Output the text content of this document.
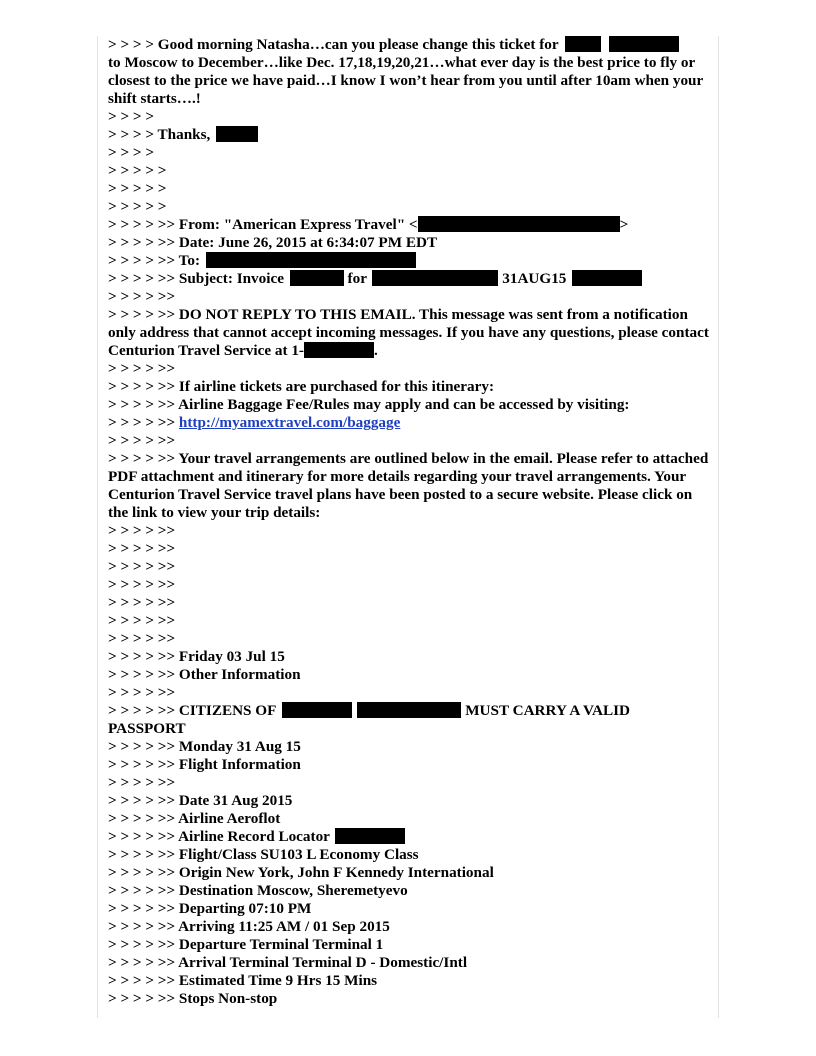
> > > > Good morning Natasha…can you please change this ticket for
to Moscow to December…like Dec. 17,18,19,20,21…what ever day is the best price to fly or closest to the price we have paid…I know I won’t hear from you until after 10am when your shift starts….!
> > > >
> > > > Thanks,
> > > >
> > > > >
> > > > >
> > > > >
> > > > >> From: "American Express Travel" <	>
> > > > >> Date: June 26, 2015 at 6:34:07 PM EDT
> > > > >> To:
> > > > >> Subject: Invoice	for	31AUG15
> > > > >>
> > > > >> DO NOT REPLY TO THIS EMAIL. This message was sent from a notification only address that cannot accept incoming messages. If you have any questions, please contact Centurion Travel Service at 1-	.
> > > > >>
> > > > >> If airline tickets are purchased for this itinerary:
> > > > >> Airline Baggage Fee/Rules may apply and can be accessed by visiting:
> > > > >> http://myamextravel.com/baggage
> > > > >>
> > > > >> Your travel arrangements are outlined below in the email. Please refer to attached PDF attachment and itinerary for more details regarding your travel arrangements. Your Centurion Travel Service travel plans have been posted to a secure website. Please click on the link to view your trip details:
> > > > >>
> > > > >>
> > > > >>
> > > > >>
> > > > >>
> > > > >>
> > > > >>
> > > > >> Friday 03 Jul 15
> > > > >> Other Information
> > > > >>
> > > > >> CITIZENS OF	MUST CARRY A VALID
PASSPORT
> > > > >> Monday 31 Aug 15
> > > > >> Flight Information
> > > > >>
> > > > >> Date 31 Aug 2015
> > > > >> Airline Aeroflot
> > > > >> Airline Record Locator
> > > > >> Flight/Class SU103 L Economy Class
> > > > >> Origin New York, John F Kennedy International
> > > > >> Destination Moscow, Sheremetyevo
> > > > >> Departing 07:10 PM
> > > > >> Arriving 11:25 AM / 01 Sep 2015
> > > > >> Departure Terminal Terminal 1
> > > > >> Arrival Terminal Terminal D - Domestic/Intl
> > > > >> Estimated Time 9 Hrs 15 Mins
> > > > >> Stops Non-stop
